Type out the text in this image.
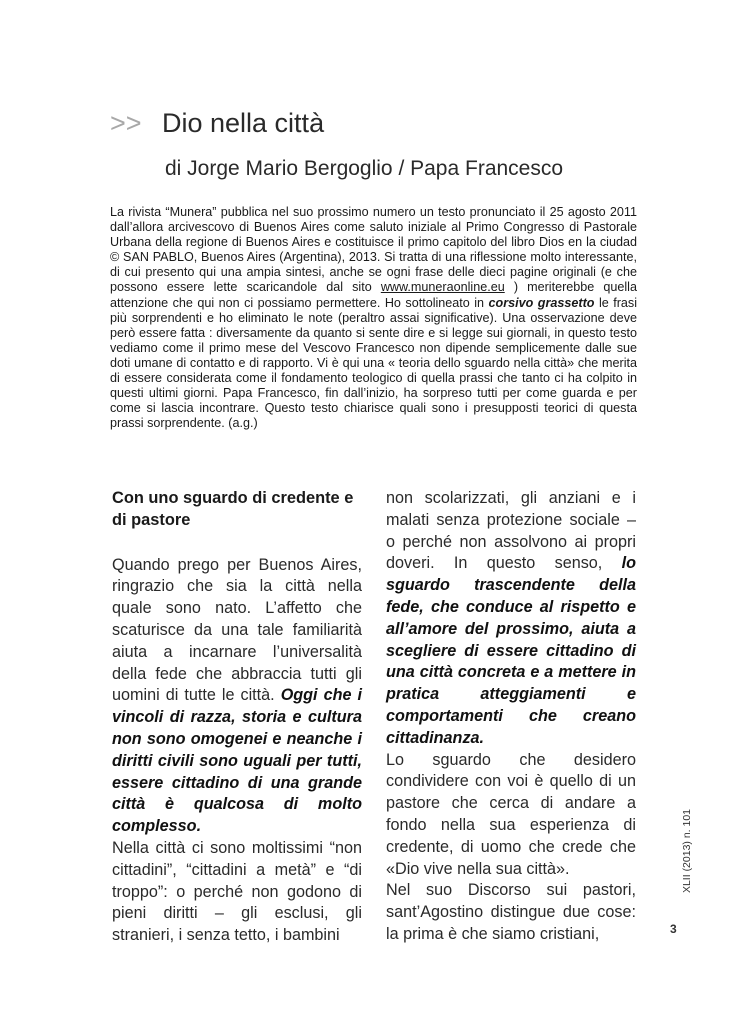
>> Dio nella città
di Jorge Mario Bergoglio / Papa Francesco
La rivista “Munera” pubblica nel suo prossimo numero un testo pronunciato il 25 agosto 2011 dall’allora arcivescovo di Buenos Aires come saluto iniziale al Primo Congresso di Pastorale Urbana della regione di Buenos Aires e costituisce il primo capitolo del libro Dios en la ciudad © SAN PABLO, Buenos Aires (Argentina), 2013. Si tratta di una riflessione molto interessante, di cui presento qui una ampia sintesi, anche se ogni frase delle dieci pagine originali (e che possono essere lette scaricandole dal sito www.muneraonline.eu ) meriterebbe quella attenzione che qui non ci possiamo permettere. Ho sottolineato in corsivo grassetto le frasi più sorprendenti e ho eliminato le note (peraltro assai significative). Una osservazione deve però essere fatta : diversamente da quanto si sente dire e si legge sui giornali, in questo testo vediamo come il primo mese del Vescovo Francesco non dipende semplicemente dalle sue doti umane di contatto e di rapporto. Vi è qui una « teoria dello sguardo nella città» che merita di essere considerata come il fondamento teologico di quella prassi che tanto ci ha colpito in questi ultimi giorni. Papa Francesco, fin dall’inizio, ha sorpreso tutti per come guarda e per come si lascia incontrare. Questo testo chiarisce quali sono i presupposti teorici di questa prassi sorprendente. (a.g.)

Con uno sguardo di credente e di pastore

Quando prego per Buenos Aires, ringrazio che sia la città nella quale sono nato. L’affetto che scaturisce da una tale familiarità aiuta a incarnare l’universalità della fede che abbraccia tutti gli uomini di tutte le città. Oggi che i vincoli di razza, storia e cultura non sono omogenei e neanche i diritti civili sono uguali per tutti, essere cittadino di una grande città è qualcosa di molto complesso.

Nella città ci sono moltissimi “non cittadini”, “cittadini a metà” e “di troppo”: o perché non godono di pieni diritti – gli esclusi, gli stranieri, i senza tetto, i bambini

non scolarizzati, gli anziani e i malati senza protezione sociale – o perché non assolvono ai propri doveri. In questo senso, lo sguardo trascendente della fede, che conduce al rispetto e all’amore del prossimo, aiuta a scegliere di essere cittadino di una città concreta e a mettere in pratica atteggiamenti e comportamenti che creano cittadinanza.

Lo sguardo che desidero condividere con voi è quello di un pastore che cerca di andare a fondo nella sua esperienza di credente, di uomo che crede che «Dio vive nella sua città».

Nel suo Discorso sui pastori, sant’Agostino distingue due cose: la prima è che siamo cristiani,

XLII (2013) n. 101
3
